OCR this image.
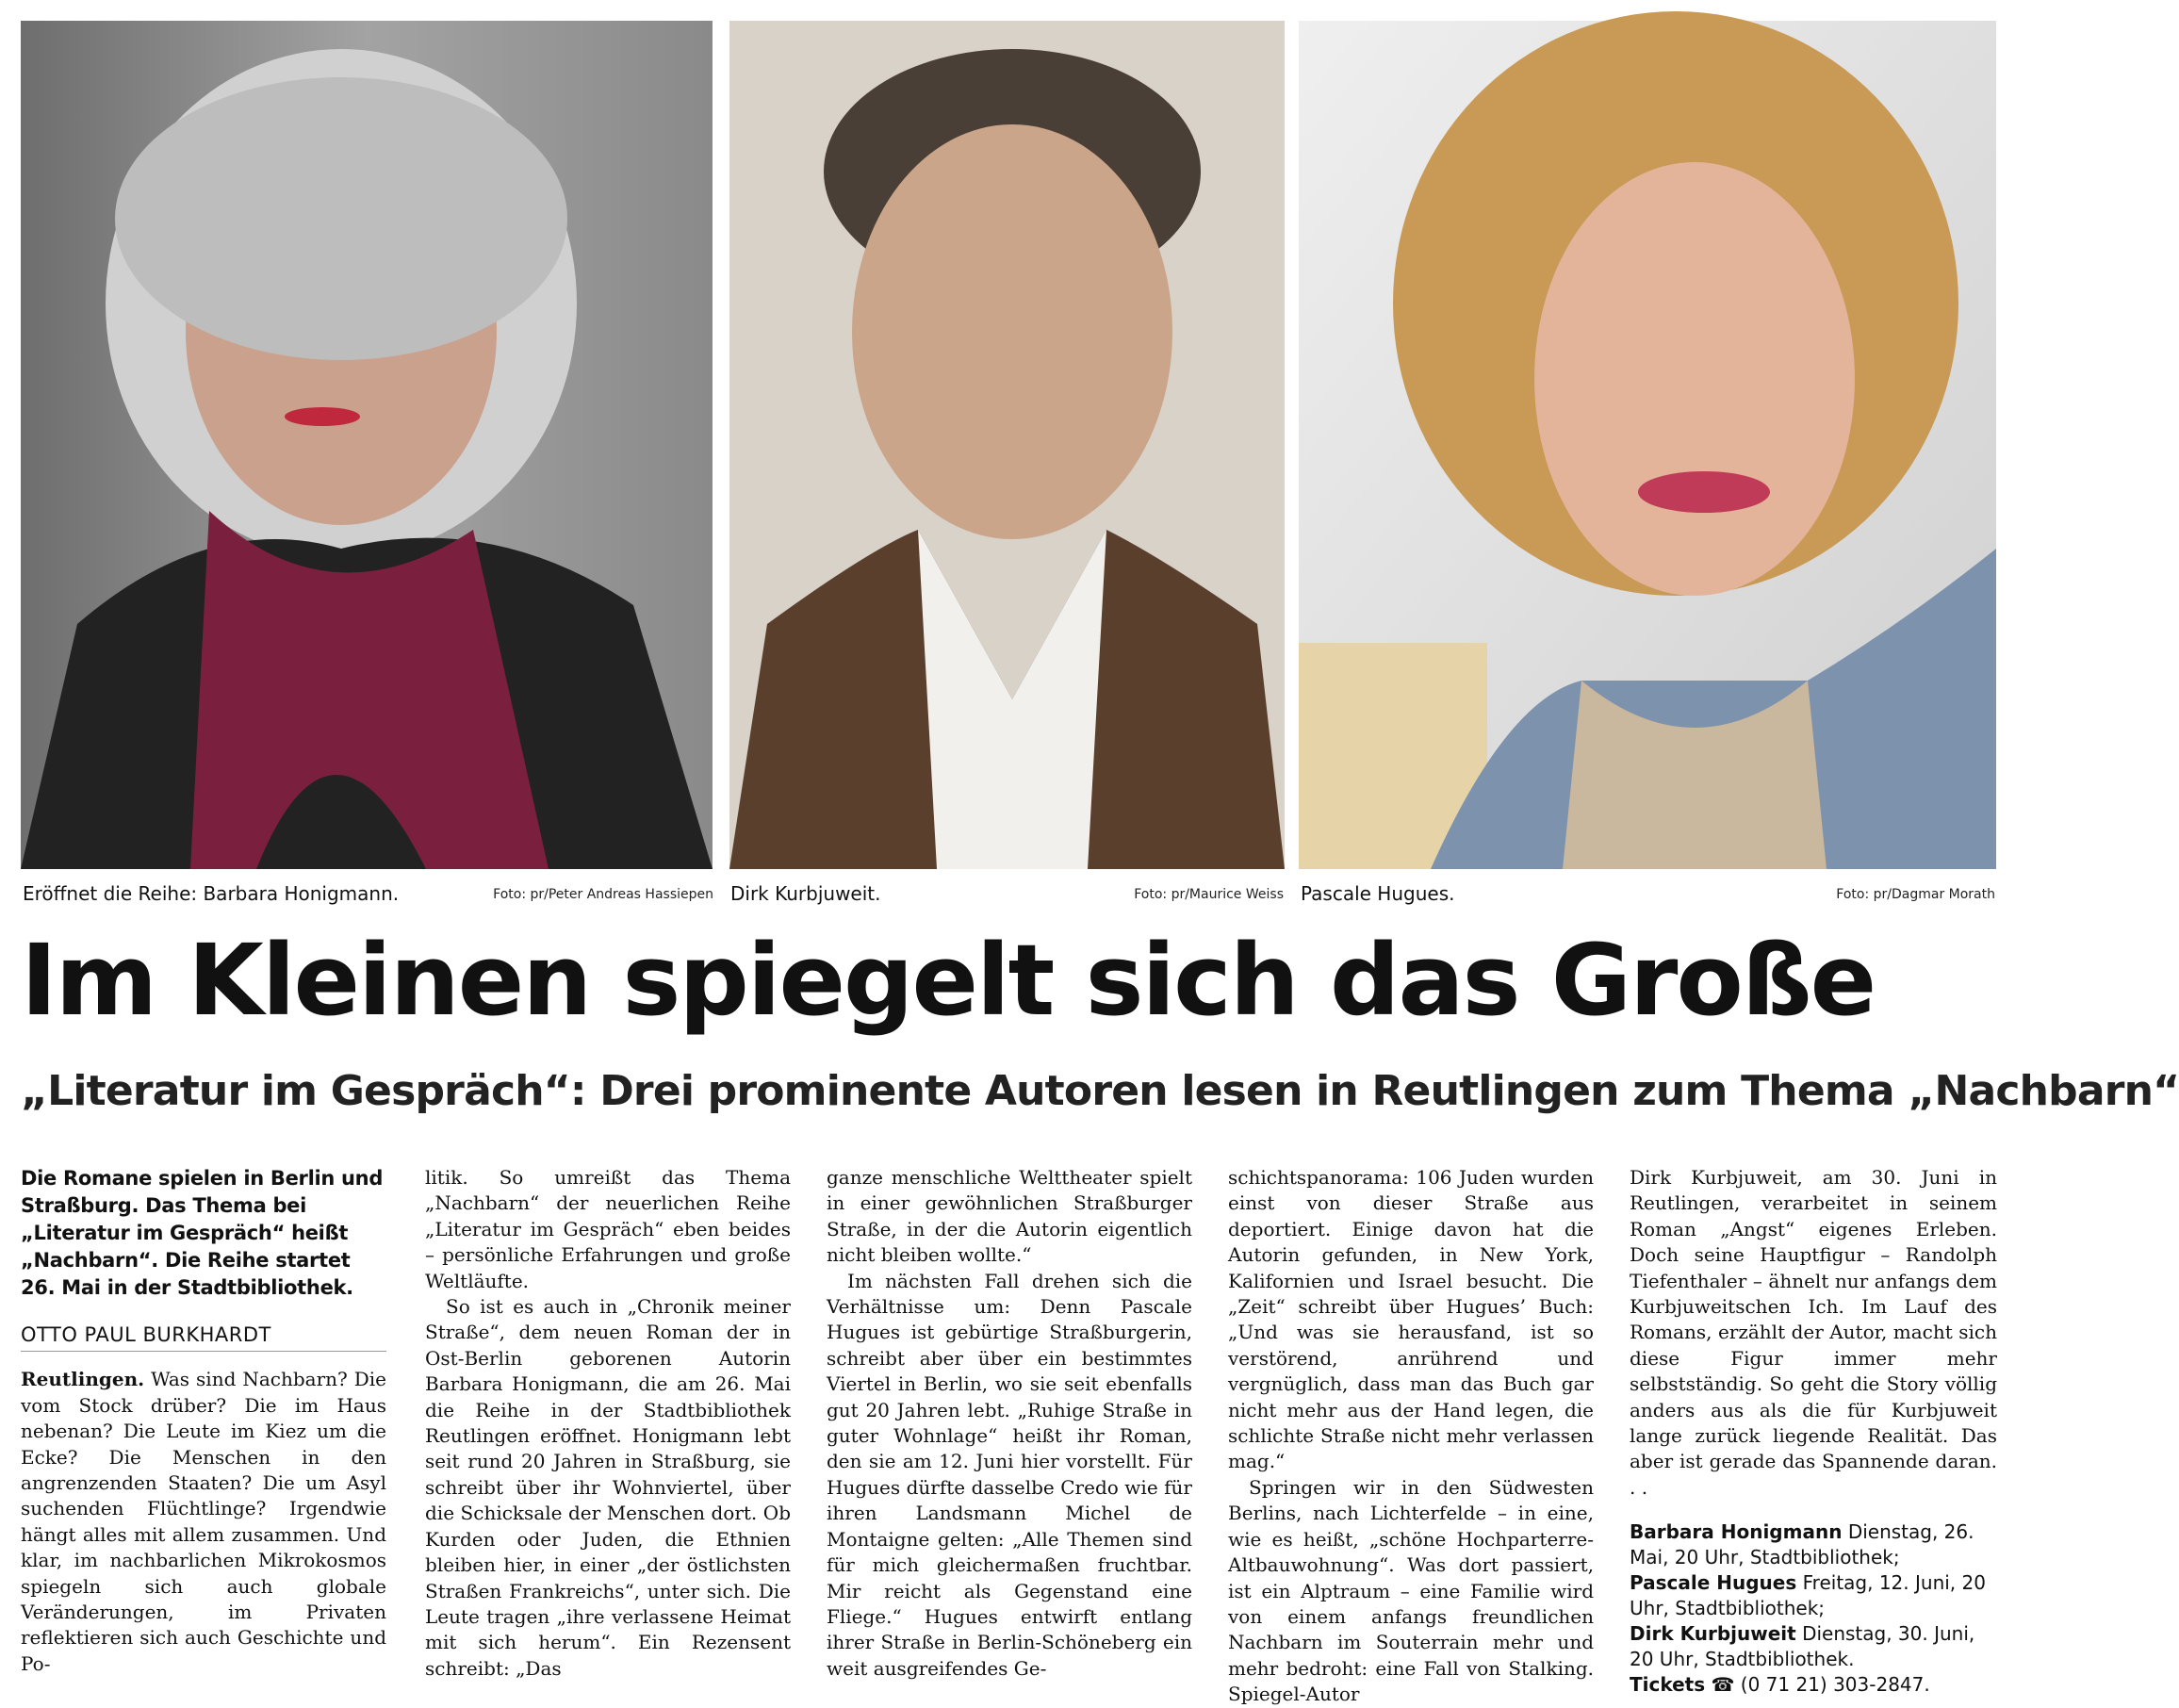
Eröffnet die Reihe: Barbara Honigmann.	Foto: pr/Peter Andreas Hassiepen Dirk Kurbjuweit.	Foto: pr/Maurice Weiss Pascale Hugues.	Foto: pr/Dagmar Morath
Im Kleinen spiegelt sich das Große
„Literatur im Gespräch“: Drei prominente Autoren lesen in Reutlingen zum Thema „Nachbarn“

Die Romane spielen in Berlin und Straßburg. Das Thema bei „Literatur im Gespräch“ heißt „Nachbarn“. Die Reihe startet 26. Mai in der Stadtbibliothek.

OTTO PAUL BURKHARDT

Reutlingen. Was sind Nachbarn? Die vom Stock drüber? Die im Haus nebenan? Die Leute im Kiez um die Ecke? Die Menschen in den angrenzenden Staaten? Die um Asyl suchenden Flüchtlinge? Irgendwie hängt alles mit allem zusammen. Und klar, im nachbarlichen Mikrokosmos spiegeln sich auch globale Veränderungen, im Privaten reflektieren sich auch Geschichte und Po-

litik. So umreißt das Thema „Nachbarn“ der neuerlichen Reihe „Literatur im Gespräch“ eben beides – persönliche Erfahrungen und große Weltläufte.

So ist es auch in „Chronik meiner Straße“, dem neuen Roman der in Ost-Berlin geborenen Autorin Barbara Honigmann, die am 26. Mai die Reihe in der Stadtbibliothek Reutlingen eröffnet. Honigmann lebt seit rund 20 Jahren in Straßburg, sie schreibt über ihr Wohnviertel, über die Schicksale der Menschen dort. Ob Kurden oder Juden, die Ethnien bleiben hier, in einer „der östlichsten Straßen Frankreichs“, unter sich. Die Leute tragen „ihre verlassene Heimat mit sich herum“. Ein Rezensent schreibt: „Das

ganze menschliche Welttheater spielt in einer gewöhnlichen Straßburger Straße, in der die Autorin eigentlich nicht bleiben wollte.“

Im nächsten Fall drehen sich die Verhältnisse um: Denn Pascale Hugues ist gebürtige Straßburgerin, schreibt aber über ein bestimmtes Viertel in Berlin, wo sie seit ebenfalls gut 20 Jahren lebt. „Ruhige Straße in guter Wohnlage“ heißt ihr Roman, den sie am 12. Juni hier vorstellt. Für Hugues dürfte dasselbe Credo wie für ihren Landsmann Michel de Montaigne gelten: „Alle Themen sind für mich gleichermaßen fruchtbar. Mir reicht als Gegenstand eine Fliege.“ Hugues entwirft entlang ihrer Straße in Berlin-Schöneberg ein weit ausgreifendes Ge-

schichtspanorama: 106 Juden wurden einst von dieser Straße aus deportiert. Einige davon hat die Autorin gefunden, in New York, Kalifornien und Israel besucht. Die „Zeit“ schreibt über Hugues’ Buch: „Und was sie herausfand, ist so verstörend, anrührend und vergnüglich, dass man das Buch gar nicht mehr aus der Hand legen, die schlichte Straße nicht mehr verlassen mag.“

Springen wir in den Südwesten Berlins, nach Lichterfelde – in eine, wie es heißt, „schöne Hochparterre-Altbauwohnung“. Was dort passiert, ist ein Alptraum – eine Familie wird von einem anfangs freundlichen Nachbarn im Souterrain mehr und mehr bedroht: eine Fall von Stalking. Spiegel-Autor

Dirk Kurbjuweit, am 30. Juni in Reutlingen, verarbeitet in seinem Roman „Angst“ eigenes Erleben. Doch seine Hauptfigur – Randolph Tiefenthaler – ähnelt nur anfangs dem Kurbjuweitschen Ich. Im Lauf des Romans, erzählt der Autor, macht sich diese Figur immer mehr selbstständig. So geht die Story völlig anders aus als die für Kurbjuweit lange zurück liegende Realität. Das aber ist gerade das Spannende daran. . .

Barbara Honigmann Dienstag, 26. Mai, 20 Uhr, Stadtbibliothek;
Pascale Hugues Freitag, 12. Juni, 20 Uhr, Stadtbibliothek;
Dirk Kurbjuweit Dienstag, 30. Juni, 20 Uhr, Stadtbibliothek.
Tickets ☎ (0 71 21) 303-2847.
